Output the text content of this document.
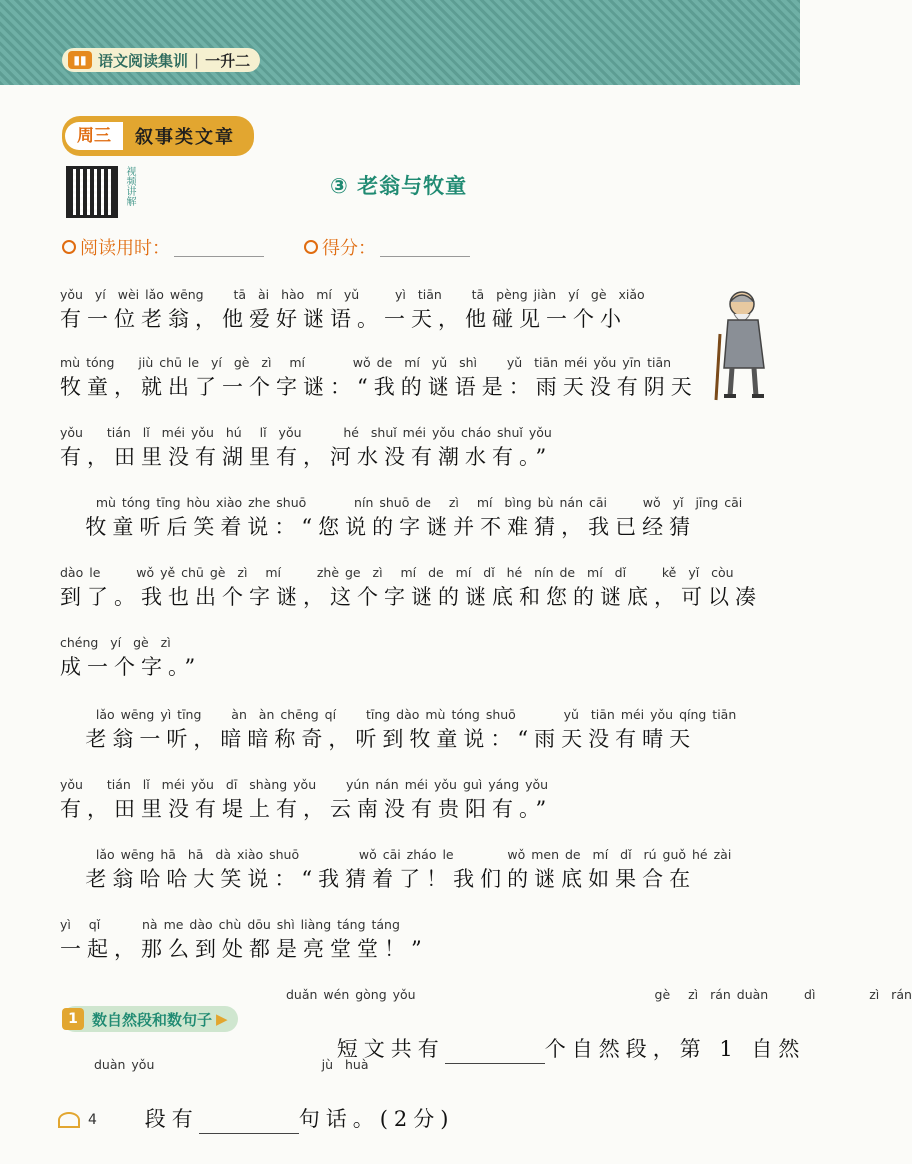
▮▮ 语文阅读集训 | 一升二
周三	叙事类文章
视频讲解	③ 老翁与牧童
阅读用时：	得分：
yǒu  yí  wèi lǎo wēng     tā  ài  hào  mí  yǔ      yì  tiān     tā  pèng jiàn  yí  gè  xiǎo
有一位老翁，他爱好谜语。一天，他碰见一个小
mù tóng    jiù chū le  yí  gè  zì   mí        wǒ de  mí  yǔ  shì     yǔ  tiān méi yǒu yīn tiān
牧童，就出了一个字谜：“我的谜语是：雨天没有阴天
yǒu    tián  lǐ  méi yǒu  hú   lǐ  yǒu       hé  shuǐ méi yǒu cháo shuǐ yǒu
有，田里没有湖里有，河水没有潮水有。”
mù tóng tīng hòu xiào zhe shuō        nín shuō de   zì   mí  bìng bù nán cāi      wǒ  yǐ  jīng cāi
牧童听后笑着说：“您说的字谜并不难猜，我已经猜
dào le      wǒ yě chū gè  zì   mí      zhè ge  zì   mí  de  mí  dǐ  hé  nín de  mí  dǐ      kě  yǐ  còu
到了。我也出个字谜，这个字谜的谜底和您的谜底，可以凑
chéng  yí  gè  zì
成一个字。”
lǎo wēng yì tīng     àn  àn chēng qí     tīng dào mù tóng shuō        yǔ  tiān méi yǒu qíng tiān
老翁一听，暗暗称奇，听到牧童说：“雨天没有晴天
yǒu    tián  lǐ  méi yǒu  dī  shàng yǒu     yún nán méi yǒu guì yáng yǒu
有，田里没有堤上有，云南没有贵阳有。”
lǎo wēng hā  hā  dà xiào shuō          wǒ cāi zháo le         wǒ men de  mí  dǐ  rú guǒ hé zài
老翁哈哈大笑说：“我猜着了！我们的谜底如果合在
yì   qǐ       nà me dào chù dōu shì liàng táng táng
一起，那么到处都是亮堂堂！”
1 数自然段和数句子 ▶
duǎn wén gòng yǒu                                        gè   zì  rán duàn      dì         zì  rán

短文共有	个自然段，第 1 自然

duàn yǒu                            jù  huà

段有	句话。(2分)

4
